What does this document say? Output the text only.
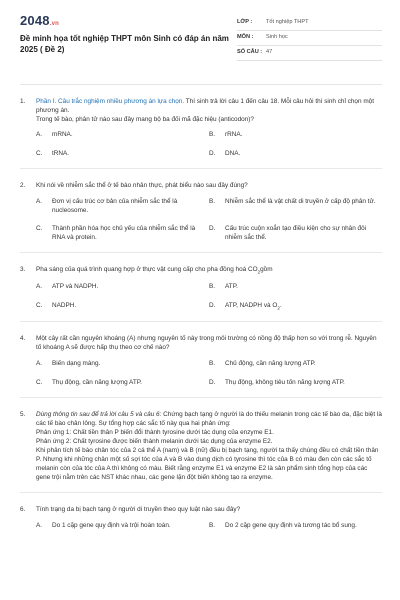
2048.vn
Đề minh họa tốt nghiệp THPT môn Sinh có đáp án năm 2025 ( Đề 2)
LỚP :	Tốt nghiệp THPT
MÔN :	Sinh học
SỐ CÂU : 47
1.	Phần I. Câu trắc nghiệm nhiều phương án lựa chọn. Thí sinh trả lời câu 1 đến câu 18. Mỗi câu hỏi thí sinh chỉ chọn một phương án.

Trong tế bào, phân tử nào sau đây mang bộ ba đối mã đặc hiệu (anticodon)?

A.	mRNA.	B.	rRNA.
C.	tRNA.	D.	DNA.
2.	Khi nói về nhiễm sắc thể ở tế bào nhân thực, phát biểu nào sau đây đúng?

A.	Đơn vị cấu trúc cơ bản của nhiễm sắc thể là nucleosome.
B.	Nhiễm sắc thể là vật chất di truyền ở cấp độ phân tử.
C.	Thành phần hóa học chủ yếu của nhiễm sắc thể là RNA và protein.
D.	Cấu trúc cuộn xoắn tạo điều kiện cho sự nhân đôi nhiễm sắc thể.
3.	Pha sáng của quá trình quang hợp ở thực vật cung cấp cho pha đồng hoá $CO_2gồm$

A.	ATP và NADPH.	B.	ATP.
C.	NADPH.	D.	ATP, NADPH và $O_2$.
4.	Một cây rất cần nguyên khoáng (A) nhưng nguyên tố này trong môi trường có nồng độ thấp hơn so với trong rễ. Nguyên tố khoáng A sẽ được hấp thụ theo cơ chế nào?

A.	Biến dạng màng.	B.	Chủ động, cần năng lượng ATP.
C.	Thụ động, cần năng lượng ATP.	D.	Thụ động, không tiêu tốn năng lượng ATP.
5.	Dùng thông tin sau để trả lời câu 5 và câu 6: Chứng bạch tạng ở người là do thiếu melanin trong các tế bào da, đặc biệt là các tế bào chân lông. Sự tổng hợp các sắc tố này qua hai phản ứng:

Phản ứng 1: Chất tiền thân P biến đổi thành tyrosine dưới tác dụng của enzyme E1.

Phản ứng 2: Chất tyrosine được biến thành melanin dưới tác dụng của enzyme E2.

Khi phân tích tế bào chân tóc của 2 cá thể A (nam) và B (nữ) đều bị bạch tạng, người ta thấy chúng đều có chất tiền thân P. Nhưng khi những chân một số sợi tóc của A và B vào dung dịch có tyrosine thì tóc của B có màu đen còn các sắc tố melanin còn của tóc của A thì không có màu. Biết rằng enzyme E1 và enzyme E2 là sản phẩm sinh tổng hợp của các gene trội nằm trên các NST khác nhau, các gene lặn đột biến không tạo ra enzyme.

6.	Tính trạng da bị bạch tạng ở người di truyền theo quy luật nào sau đây?

A.	Do 1 cặp gene quy định và trội hoàn toàn.	B.	Do 2 cặp gene quy định và tương tác bổ sung.
